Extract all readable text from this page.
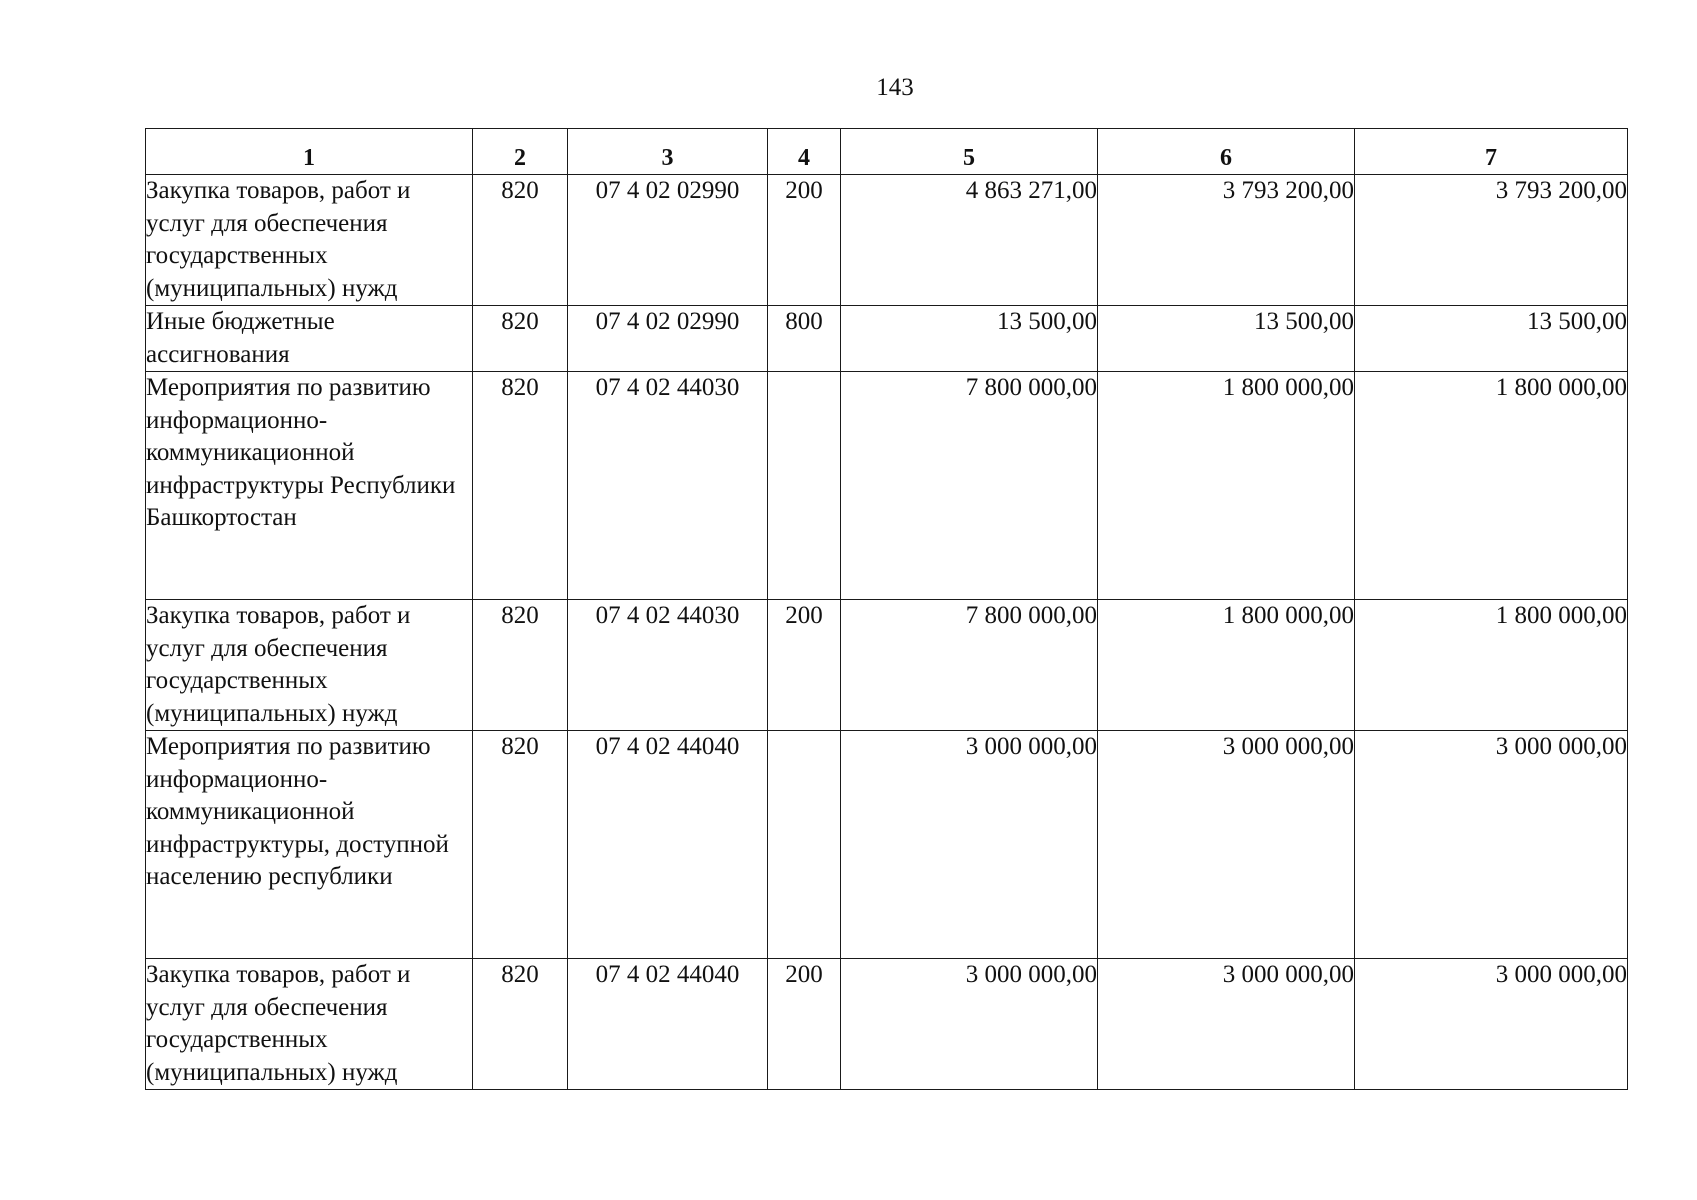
143
1	2	3	4	5	6	7
Закупка товаров, работ и услуг для обеспечения государственных (муниципальных) нужд	820	07 4 02 02990	200	4 863 271,00	3 793 200,00	3 793 200,00
Иные бюджетные ассигнования	820	07 4 02 02990	800	13 500,00	13 500,00	13 500,00
Мероприятия по развитию информационно-коммуникационной инфраструктуры Республики Башкортостан	820	07 4 02 44030		7 800 000,00	1 800 000,00	1 800 000,00
Закупка товаров, работ и услуг для обеспечения государственных (муниципальных) нужд	820	07 4 02 44030	200	7 800 000,00	1 800 000,00	1 800 000,00
Мероприятия по развитию информационно-коммуникационной инфраструктуры, доступной населению республики	820	07 4 02 44040		3 000 000,00	3 000 000,00	3 000 000,00
Закупка товаров, работ и услуг для обеспечения государственных (муниципальных) нужд	820	07 4 02 44040	200	3 000 000,00	3 000 000,00	3 000 000,00
